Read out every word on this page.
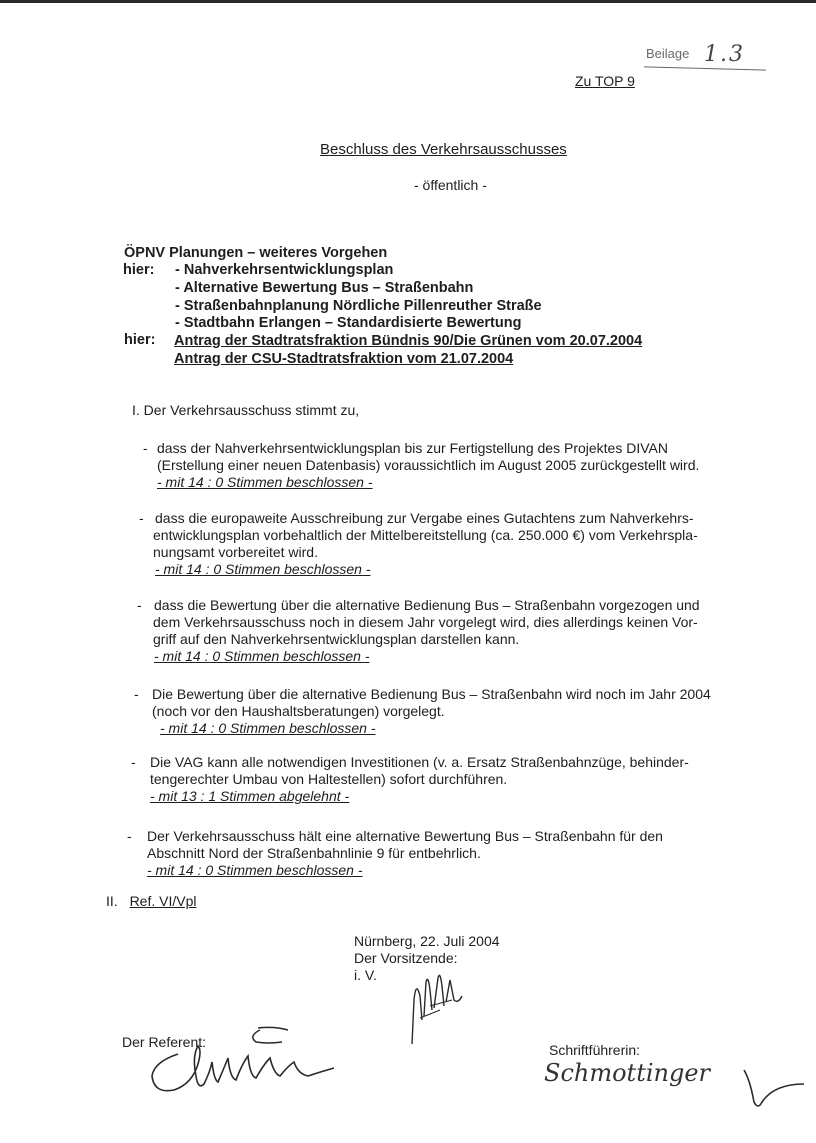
Beilage 1.3
Zu TOP 9
Beschluss des Verkehrsausschusses
- öffentlich -
ÖPNV Planungen – weiteres Vorgehen
hier: - Nahverkehrsentwicklungsplan
- Alternative Bewertung Bus – Straßenbahn
- Straßenbahnplanung Nördliche Pillenreuther Straße
- Stadtbahn Erlangen – Standardisierte Bewertung
hier: Antrag der Stadtratsfraktion Bündnis 90/Die Grünen vom 20.07.2004
Antrag der CSU-Stadtratsfraktion vom 21.07.2004
I. Der Verkehrsausschuss stimmt zu,
- dass der Nahverkehrsentwicklungsplan bis zur Fertigstellung des Projektes DIVAN
(Erstellung einer neuen Datenbasis) voraussichtlich im August 2005 zurückgestellt wird.
- mit 14 : 0 Stimmen beschlossen -
- dass die europaweite Ausschreibung zur Vergabe eines Gutachtens zum Nahverkehrs-
entwicklungsplan vorbehaltlich der Mittelbereitstellung (ca. 250.000 €) vom Verkehrspla-
nungsamt vorbereitet wird.
- mit 14 : 0 Stimmen beschlossen -
- dass die Bewertung über die alternative Bedienung Bus – Straßenbahn vorgezogen und
dem Verkehrsausschuss noch in diesem Jahr vorgelegt wird, dies allerdings keinen Vor-
griff auf den Nahverkehrsentwicklungsplan darstellen kann.
- mit 14 : 0 Stimmen beschlossen -
- Die Bewertung über die alternative Bedienung Bus – Straßenbahn wird noch im Jahr 2004
(noch vor den Haushaltsberatungen) vorgelegt.
- mit 14 : 0 Stimmen beschlossen -
- Die VAG kann alle notwendigen Investitionen (v. a. Ersatz Straßenbahnzüge, behinder-
tengerechter Umbau von Haltestellen) sofort durchführen.
- mit 13 : 1 Stimmen abgelehnt -
- Der Verkehrsausschuss hält eine alternative Bewertung Bus – Straßenbahn für den
Abschnitt Nord der Straßenbahnlinie 9 für entbehrlich.
- mit 14 : 0 Stimmen beschlossen -
II. Ref. VI/Vpl
Nürnberg, 22. Juli 2004
Der Vorsitzende:
i. V.
Der Referent:	Schriftführerin:
Schmottinger
